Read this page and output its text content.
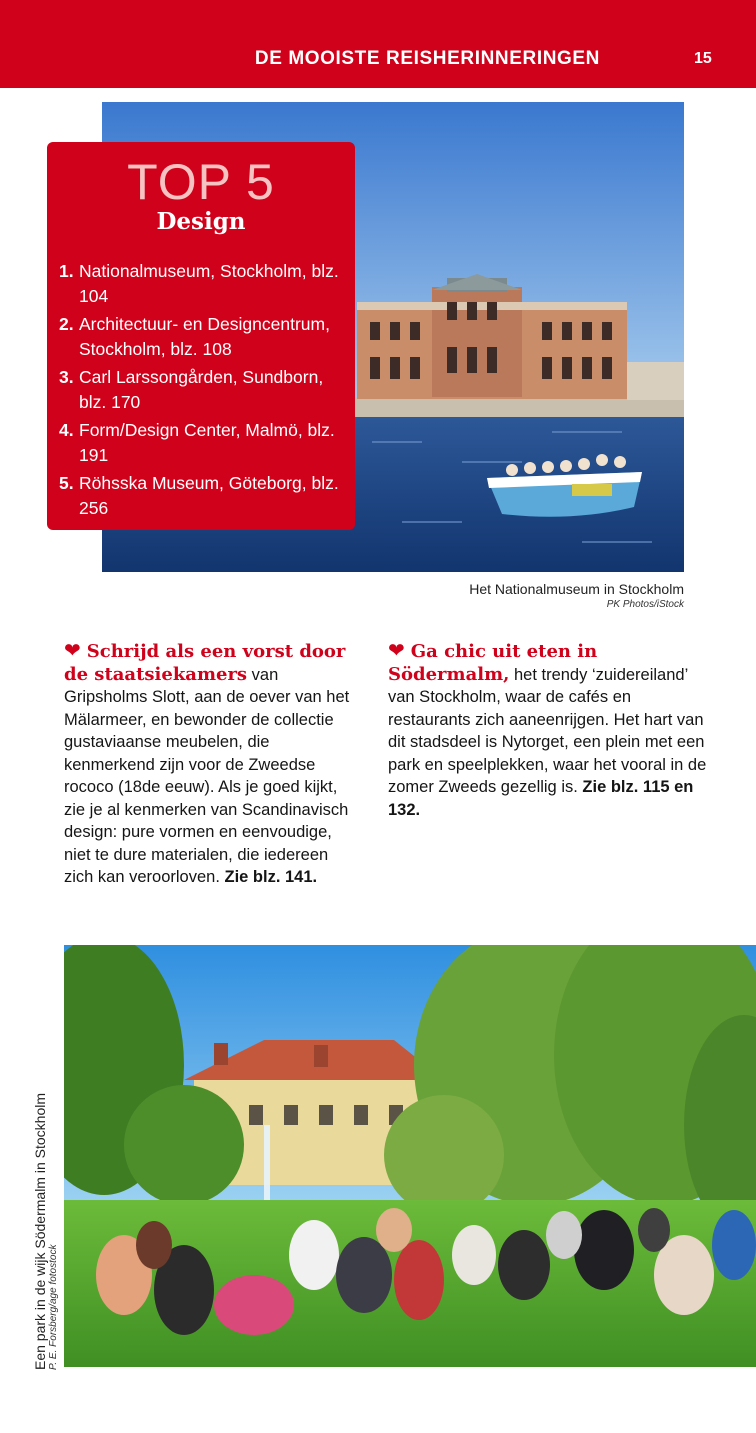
DE MOOISTE REISHERINNERINGEN	15
TOP 5
Design
1. Nationalmuseum, Stockholm, blz. 104
2. Architectuur- en Designcentrum, Stockholm, blz. 108
3. Carl Larssongården, Sundborn, blz. 170
4. Form/Design Center, Malmö, blz. 191
5. Röhsska Museum, Göteborg, blz. 256
Het Nationalmuseum in Stockholm
PK Photos/iStock
❤ Schrijd als een vorst door de staatsiekamers van Gripsholms Slott, aan de oever van het Mälarmeer, en bewonder de collectie gustaviaanse meubelen, die kenmerkend zijn voor de Zweedse rococo (18de eeuw). Als je goed kijkt, zie je al kenmerken van Scandinavisch design: pure vormen en eenvoudige, niet te dure materialen, die iedereen zich kan veroorloven. Zie blz. 141.
❤ Ga chic uit eten in Södermalm, het trendy ‘zuidereiland’ van Stockholm, waar de cafés en restaurants zich aaneenrijgen. Het hart van dit stadsdeel is Nytorget, een plein met een park en speelplekken, waar het vooral in de zomer Zweeds gezellig is. Zie blz. 115 en 132.
Een park in de wijk Södermalm in Stockholm P. E. Forsberg/age fotostock
